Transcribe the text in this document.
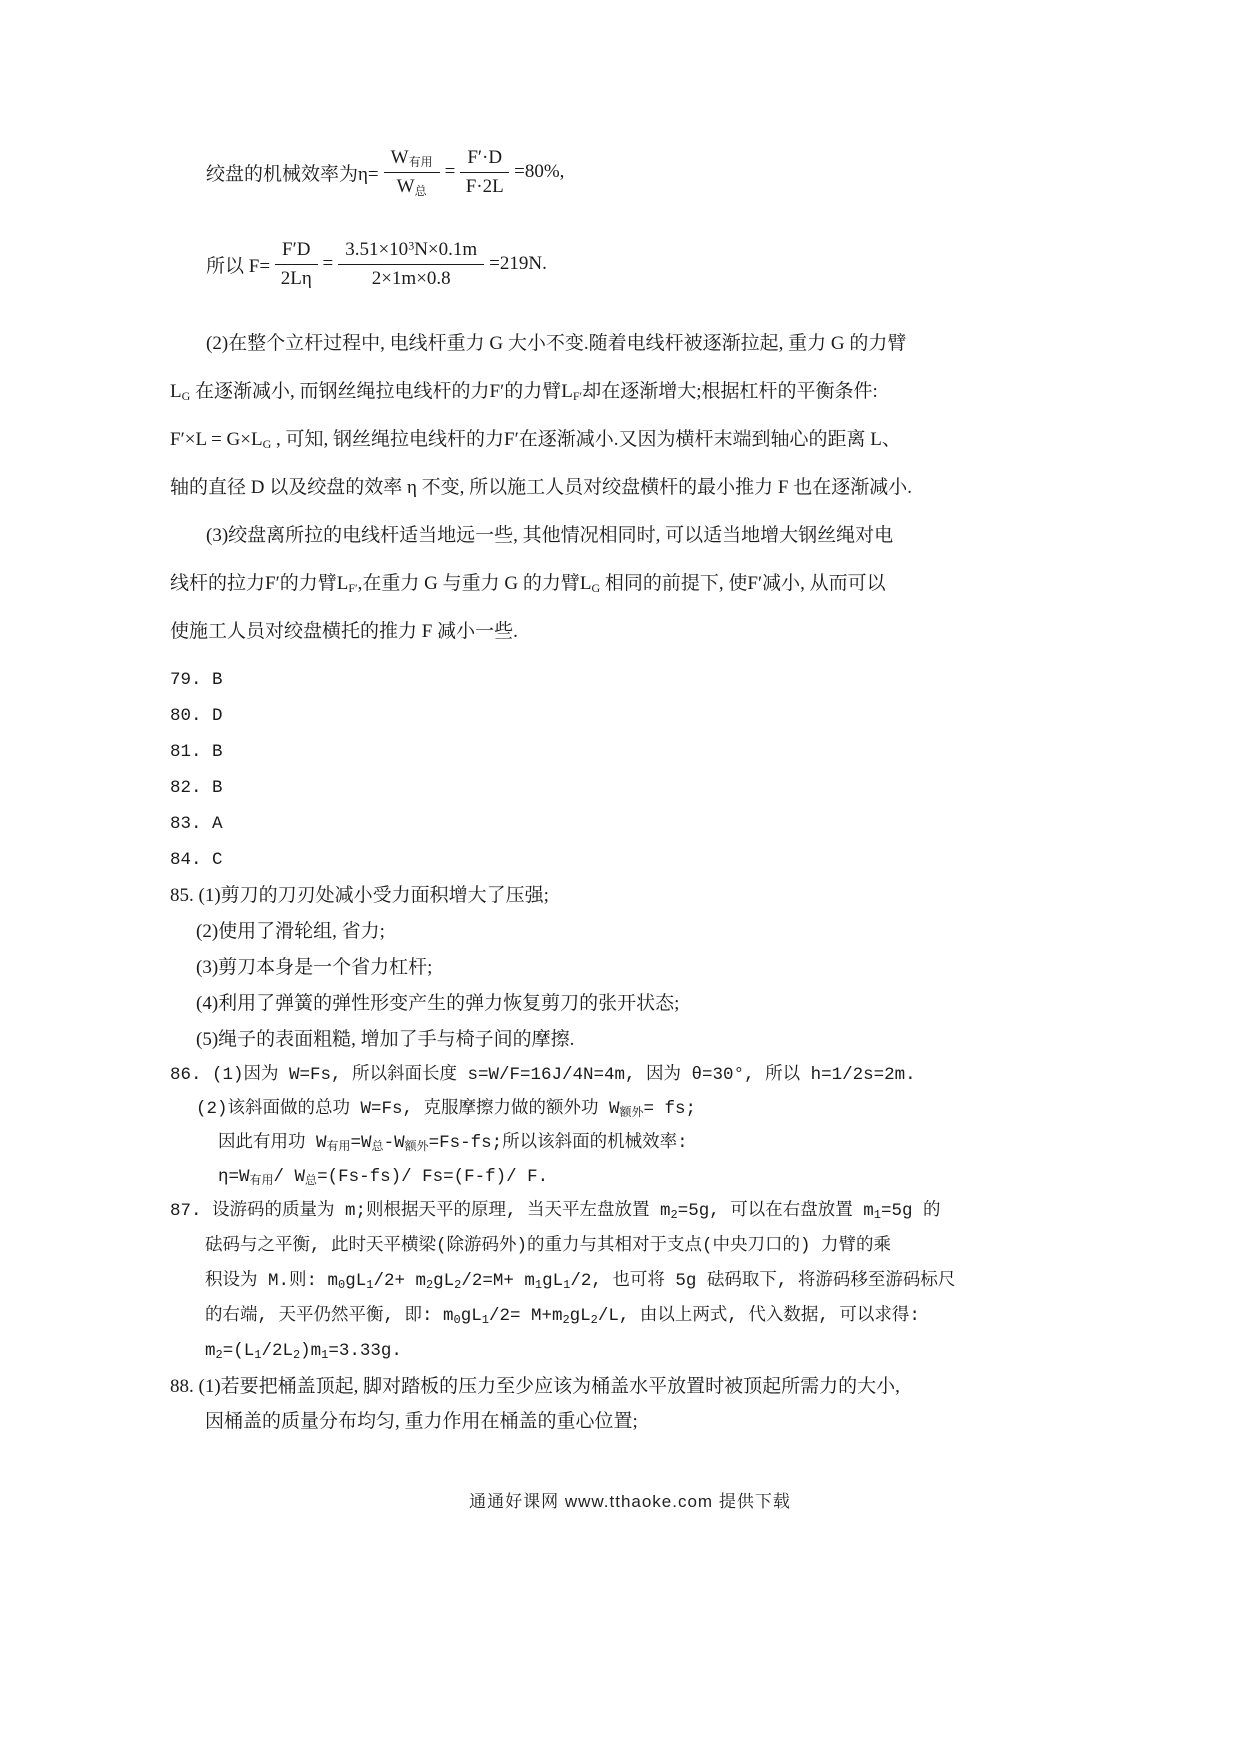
绞盘的机械效率为$\eta= \frac{W_{有用}}{W_总} = \frac{F'\cdot D}{F\cdot 2L} =80\%$,
所以 $F= \frac{F'D}{2L\eta} = \frac{3.51\times 10^3N\times 0.1m}{2\times 1m\times 0.8} =219N$.
(2)在整个立杆过程中, 电线杆重力 G 大小不变.随着电线杆被逐渐拉起, 重力 G 的力臂
$L_G$ 在逐渐减小, 而钢丝绳拉电线杆的力F′的力臂$L_{F'}$却在逐渐增大;根据杠杆的平衡条件:
$F'\times L = G\times L_G$ , 可知, 钢丝绳拉电线杆的力F′在逐渐减小.又因为横杆末端到轴心的距离 L、
轴的直径 D 以及绞盘的效率 η 不变, 所以施工人员对绞盘横杆的最小推力 F 也在逐渐减小.
(3)绞盘离所拉的电线杆适当地远一些, 其他情况相同时, 可以适当地增大钢丝绳对电
线杆的拉力F′的力臂$L_{F'}$,在重力 G 与重力 G 的力臂$L_G$ 相同的前提下, 使F′减小, 从而可以
使施工人员对绞盘横托的推力 F 减小一些.
79. B
80. D
81. B
82. B
83. A
84. C
85. (1)剪刀的刀刃处减小受力面积增大了压强;
(2)使用了滑轮组, 省力;
(3)剪刀本身是一个省力杠杆;
(4)利用了弹簧的弹性形变产生的弹力恢复剪刀的张开状态;
(5)绳子的表面粗糙, 增加了手与椅子间的摩擦.
86. (1)因为 W=Fs, 所以斜面长度 s=W/F=16J/4N=4m, 因为 θ=30°, 所以 h=1/2s=2m.
(2)该斜面做的总功 W=Fs, 克服摩擦力做的额外功 $W_{额外}=$ fs;
因此有用功 $W_{有用}=W_总-W_{额外}=Fs-fs$;所以该斜面的机械效率:
$\eta=W_{有用}/$ $W_总=(Fs-fs)/$ Fs=(F-f)/ F.
87. 设游码的质量为 m;则根据天平的原理, 当天平左盘放置 $m_2=5g$, 可以在右盘放置 $m_1=5g$ 的
砝码与之平衡, 此时天平横梁(除游码外)的重力与其相对于支点(中央刀口的) 力臂的乘
积设为 M.则: $m_0gL_1/2+ m_2gL_2/2=M+ m_1gL_1/2$, 也可将 5g 砝码取下, 将游码移至游码标尺
的右端, 天平仍然平衡, 即: $m_0gL_1/2= M+m_2gL_2/L$, 由以上两式, 代入数据, 可以求得:
$m_2=(L_1/2L_2)m_1=3.33g$.
88. (1)若要把桶盖顶起, 脚对踏板的压力至少应该为桶盖水平放置时被顶起所需力的大小,
因桶盖的质量分布均匀, 重力作用在桶盖的重心位置;
通通好课网 www.tthaoke.com 提供下载
